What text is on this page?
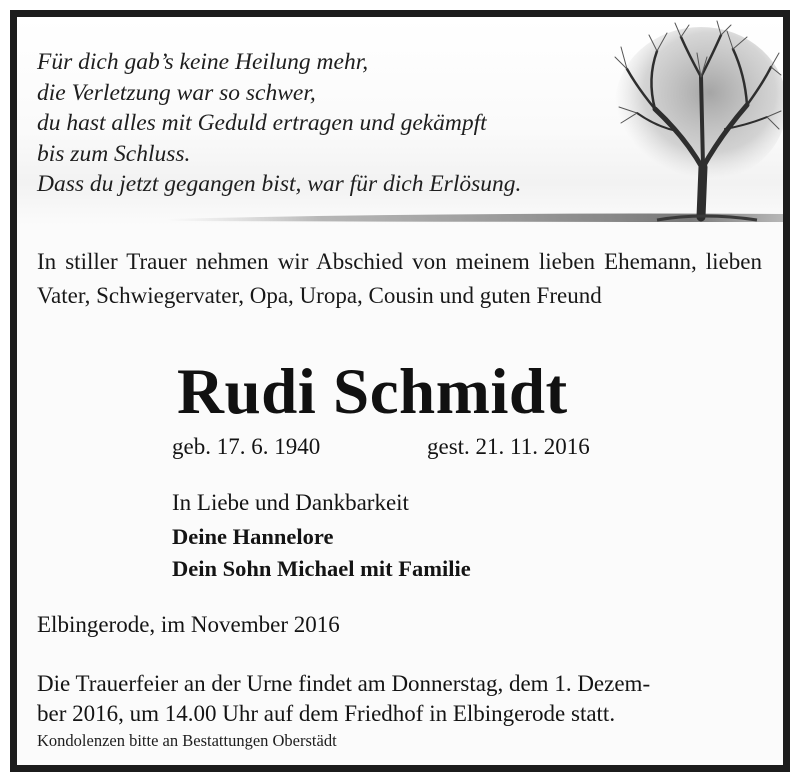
Für dich gab’s keine Heilung mehr,
die Verletzung war so schwer,
du hast alles mit Geduld ertragen und gekämpft
bis zum Schluss.
Dass du jetzt gegangen bist, war für dich Erlösung.

In stiller Trauer nehmen wir Abschied von meinem lieben Ehemann, lieben Vater, Schwiegervater, Opa, Uropa, Cousin und guten Freund

Rudi Schmidt
geb. 17. 6. 1940	gest. 21. 11. 2016
In Liebe und Dankbarkeit
Deine Hannelore
Dein Sohn Michael mit Familie
Elbingerode, im November 2016
Die Trauerfeier an der Urne findet am Donnerstag, dem 1. Dezem-
ber 2016, um 14.00 Uhr auf dem Friedhof in Elbingerode statt.
Kondolenzen bitte an Bestattungen Oberstädt
